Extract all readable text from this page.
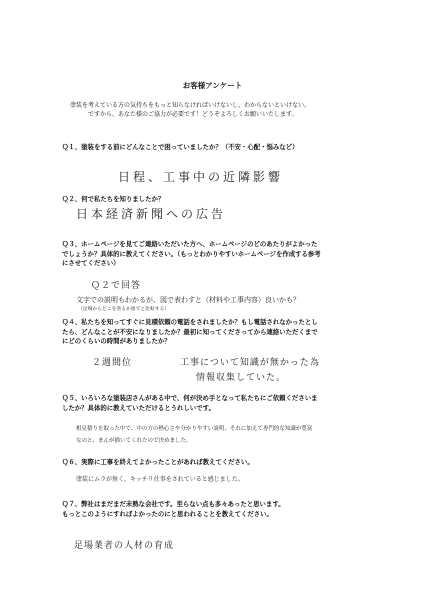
お客様アンケート
塗装を考えている方の気持ちをもっと知らなければいけないし、わからないといけない。
ですから、あなた様のご協力が必要です！どうぞよろしくお願いいたします。
Ｑ１、塗装をする前にどんなことで困っていましたか？（不安・心配・悩みなど）
日程、工事中の近隣影響
Ｑ２、何で私たちを知りましたか？
日本経済新聞への広告
Ｑ３、ホームページを見てご連絡いただいた方へ、ホームページのどのあたりがよかった
でしょうか？具体的に教えてください。（もっとわかりやすいホームページを作成する参考
にさせてください）
Ｑ２で回答
文字での説明もわかるが、図で表わすと（材料や工事内容）良いかも？
（足場からどこを塗るか図でと比較する）
Ｑ４、私たちを知ってすぐに見積依頼の電話をされましたか？もし電話されなかったとし
たら、どんなことが不安になりましたか？最初に知ってくださってから連絡いただくまで
にどのくらいの時間がありましたか？
２週間位	工事について知識が無かった為
情報収集していた。
Ｑ５、いろいろな塗装店さんがある中で、何が決め手となって私たちにご依頼くださいま
したか？具体的に教えていただけるとうれしいです。
相見積りを取った中で、中の方の熱心さや分かりやすい説明、それに加えて専門的な知識が豊富
なのと、まんが描いてくれたので決めました。
Ｑ６、実際に工事を終えてよかったことがあれば教えてください。
塗装にムラが無く、キッチリ仕事をされていると感じました。
Ｑ７、弊社はまだまだ未熟な会社です。至らない点も多々あったと思います。
もっとこのようにすればよかったのにと思われることを教えてください。
足場業者の人材の育成
